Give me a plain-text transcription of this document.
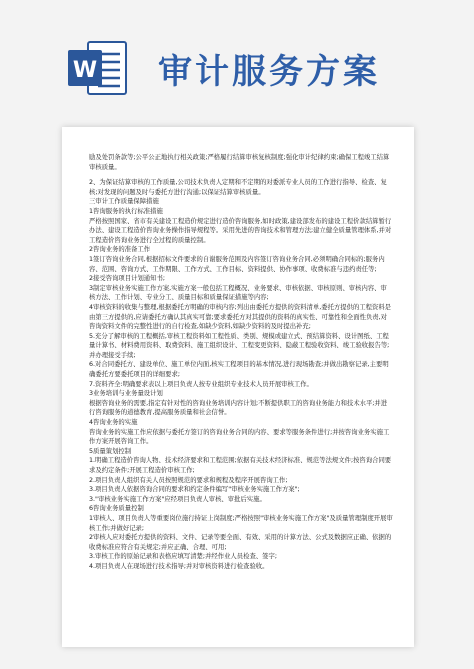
W 审计服务方案

励及处罚条款等;公平公正地执行相关政策;严格履行结算审核复核制度;强化审计纪律约束;确保工程竣工结算审核质量。

2、为保证结算审核的工作质量,公司技术负责人定期和不定期的对委派专业人员的工作进行指导、检查、复核;对发现的问题及时与委托方进行沟通;以保证结算审核质量。

三审计工作质量保障措施

1咨询服务的执行标准措施

严格按照国家、省市有关建设工程造价规定进行造价咨询服务,如时政策,建设部发布的建设工程价款结算暂行办法、建设工程造价咨询业务操作指导规程等。采用先进的咨询技术和管理方法;建立健全质量管理体系,并对工程造价咨询业务进行全过程的质量控制。

2咨询业务的准备工作

1签订咨询业务合同,根据招标文件要求的自谢服务范围及内容签订咨询业务合同,必须明确合同标的;服务内容、范围、咨询方式、工作期限、工作方式、工作目标、资料提供、协作事项、收费标准与违约责任等;

2接受咨询项目计划通知书;

3制定审核业务实施工作方案,实施方案一般包括工程概况、业务要求、审核依据、审核原则、审核内容、审核方法、工作计划、专业分工、质量目标和质量保证措施等内容;

4审核资料的收集与整理,根据委托方明确的审核内容;列出由委托方提供的资料清单,委托方提供的工程资料是由第三方提供的,应请委托方确认其真实可靠;要求委托方对其提供的资料的真实性、可靠性和全面性负责,对咨询资料文件的完整性进行的自行检查,如缺少资料,如缺少资料的及时提出补充;

5.充分了解审核的工程概括,审核工程资料如工程性质、类别、规模或建立式、预结算资料、设计图纸、工程量计算书、材料费用资料、取费资料、施工组织设计、工程变更资料、隐蔽工程验收资料、竣工验收报告等;并办理接受手续;

6.对合同委托方、建设单位、施工单位内面,核实工程项目的基本情况,进行现场勘查;并做出勘察记录,主要明确委托方要委托项目的详细要求;

7.资料齐全:明确要求表以上项目负责人按专业组织专业技术人员开展审核工作。

3业务培训与业务量设计划

根据咨询业务的需要,指定有针对性的咨询业务培训内容计划;不断提供职工的咨询业务能力和技术水平;并进行咨询服务的道德教育,提高服务质量和社会信誉。

4咨询业务的实施

咨询业务的实施工作应依据与委托方签订的咨询业务合同的内容、要求等服务条件进行;并按咨询业务实施工作方案开展咨询工作。

5质量策划控制

1.明确工程造价咨询人物、技术经济要求和工程范围;依据有关技术经济标准、规范等法规文件;按咨询合同要求及约定条件;开展工程造价审核工作;

2.项目负责人组织有关人员按照规范的要求和规程及程序开展咨询工作;

3.项目负责人依据咨询合同的要求和约定条件编写"审核业务实施工作方案";

3."审核业务实施工作方案"应经项目负责人审核、审批后实施。

6咨询业务质量控制

1审核人、项目负责人等重要岗位施行持证上岗制度;严格按照"审核业务实施工作方案"及质量管理制度开展审核工作;并做好记录;

2审核人应对委托方提供的资料、文件、记录等要全面、有效、采用的计算方法、公式及数据应正确、依据的收费标准应符合有关规定;并应正确、合理、可用;

3.审核工作的原始记录和表格应填写清楚;并经作业人员检查、签字;

4.项目负责人在现场进行技术指导;并对审核资料进行检查验收。
